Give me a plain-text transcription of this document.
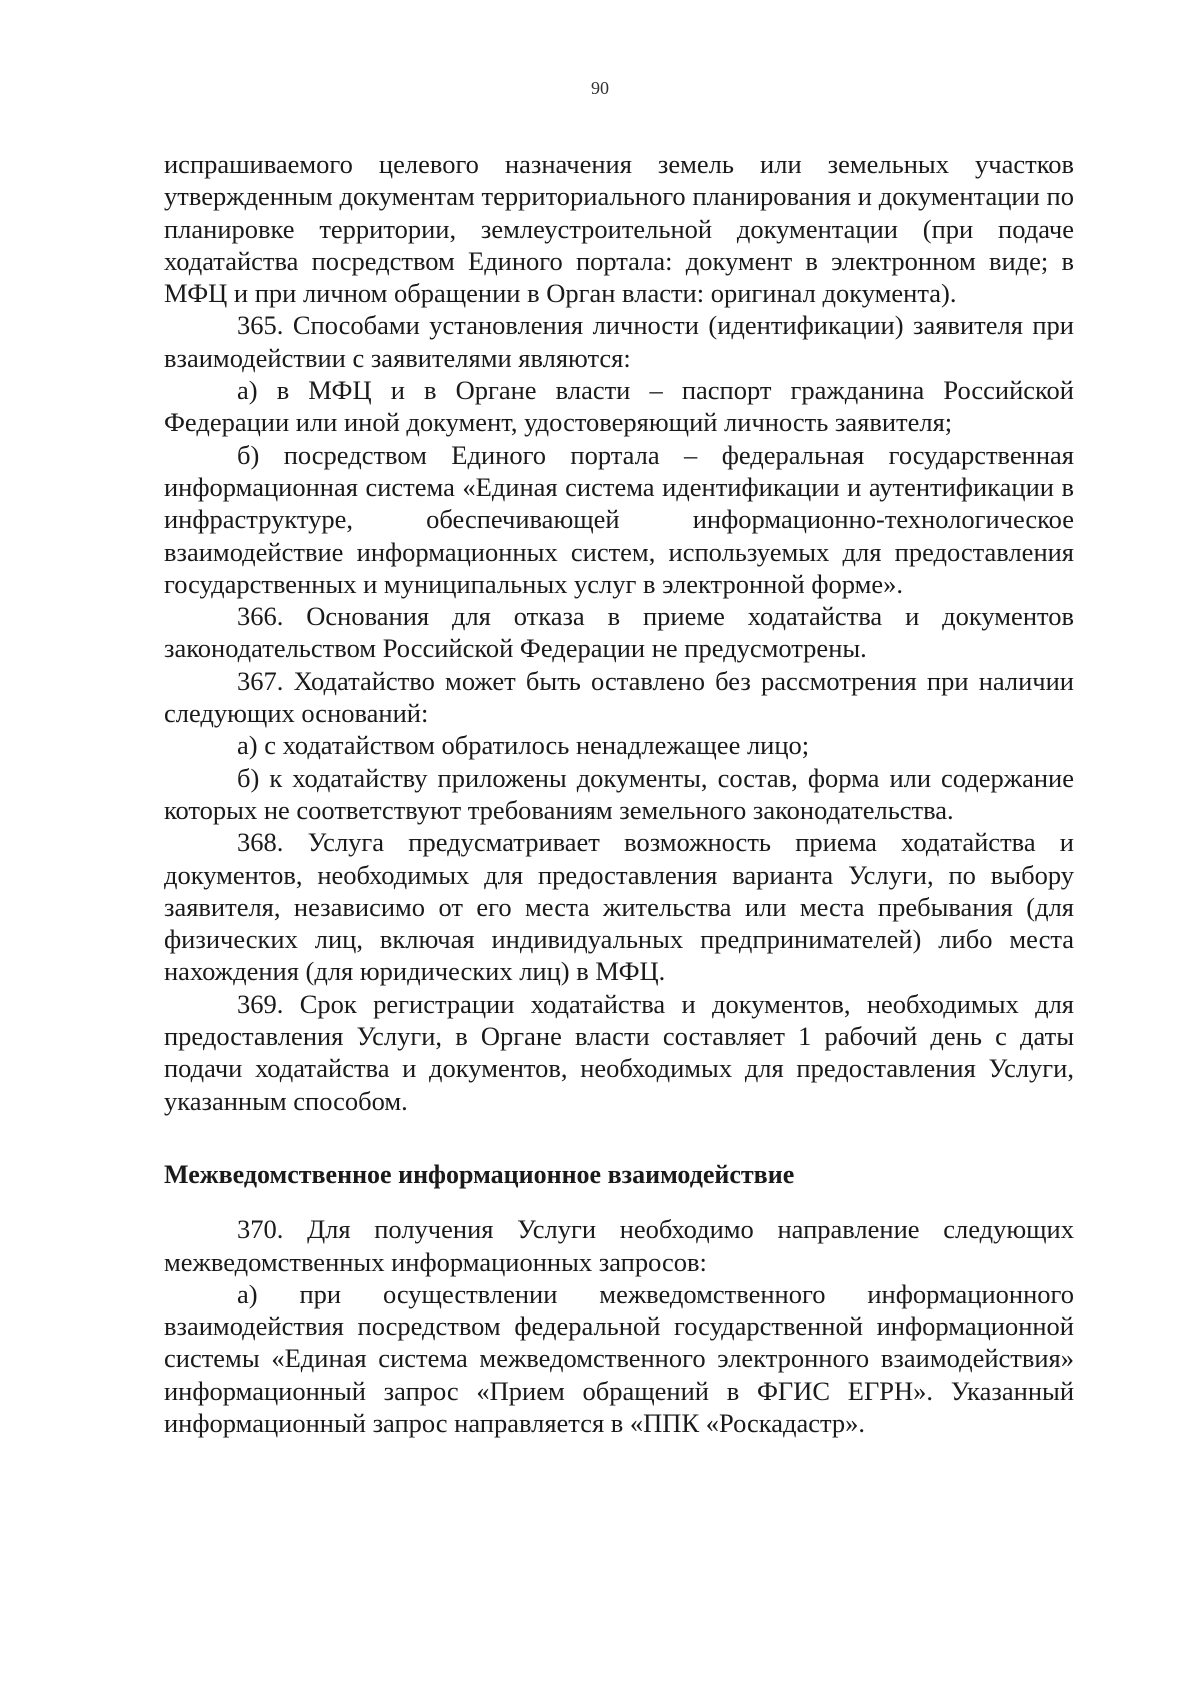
90

испрашиваемого целевого назначения земель или земельных участков утвержденным документам территориального планирования и документации по планировке территории, землеустроительной документации (при подаче ходатайства посредством Единого портала: документ в электронном виде; в МФЦ и при личном обращении в Орган власти: оригинал документа).

365. Способами установления личности (идентификации) заявителя при взаимодействии с заявителями являются:

а) в МФЦ и в Органе власти – паспорт гражданина Российской Федерации или иной документ, удостоверяющий личность заявителя;

б) посредством Единого портала – федеральная государственная информационная система «Единая система идентификации и аутентификации в инфраструктуре, обеспечивающей информационно-технологическое взаимодействие информационных систем, используемых для предоставления государственных и муниципальных услуг в электронной форме».

366. Основания для отказа в приеме ходатайства и документов законодательством Российской Федерации не предусмотрены.

367. Ходатайство может быть оставлено без рассмотрения при наличии следующих оснований:

а) с ходатайством обратилось ненадлежащее лицо;

б) к ходатайству приложены документы, состав, форма или содержание которых не соответствуют требованиям земельного законодательства.

368. Услуга предусматривает возможность приема ходатайства и документов, необходимых для предоставления варианта Услуги, по выбору заявителя, независимо от его места жительства или места пребывания (для физических лиц, включая индивидуальных предпринимателей) либо места нахождения (для юридических лиц) в МФЦ.

369. Срок регистрации ходатайства и документов, необходимых для предоставления Услуги, в Органе власти составляет 1 рабочий день с даты подачи ходатайства и документов, необходимых для предоставления Услуги, указанным способом.

Межведомственное информационное взаимодействие

370. Для получения Услуги необходимо направление следующих межведомственных информационных запросов:

а) при осуществлении межведомственного информационного взаимодействия посредством федеральной государственной информационной системы «Единая система межведомственного электронного взаимодействия» информационный запрос «Прием обращений в ФГИС ЕГРН». Указанный информационный запрос направляется в «ППК «Роскадастр».
